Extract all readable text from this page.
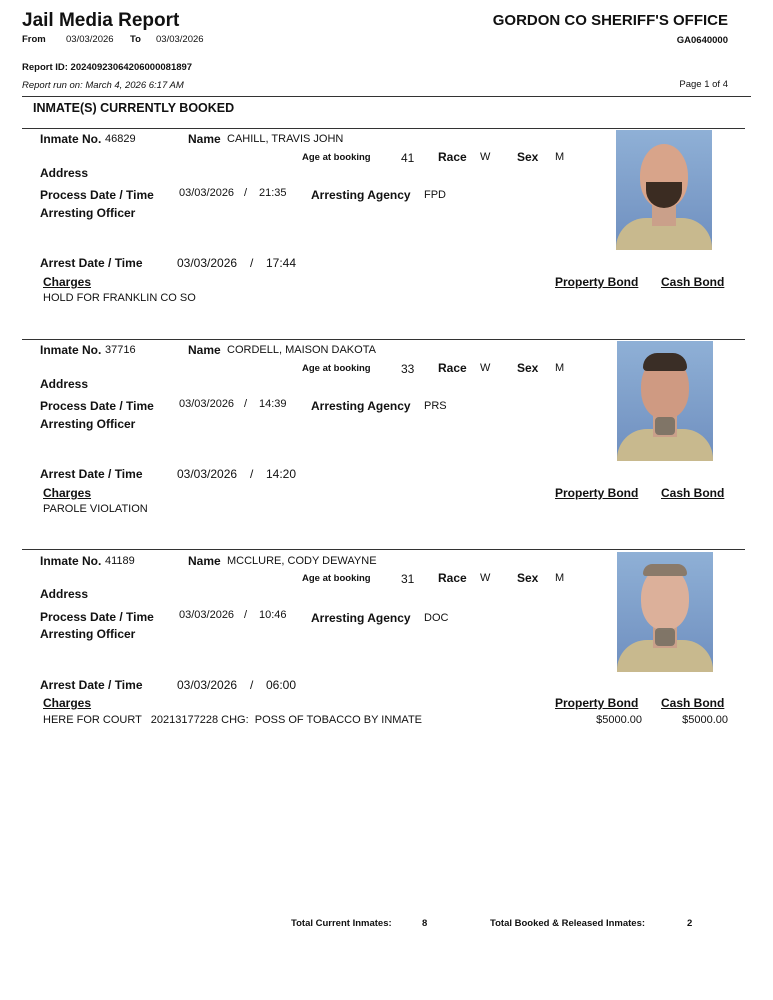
Jail Media Report
From 03/03/2026 To 03/03/2026
GORDON CO SHERIFF'S OFFICE
GA0640000
Report ID: 20240923064206000081897
Report run on: March 4, 2026 6:17 AM	Page 1 of 4
INMATE(S) CURRENTLY BOOKED
Inmate No. 46829	Name CAHILL, TRAVIS JOHN
Age at booking	41 Race W Sex M
Address
Process Date / Time 03/03/2026 / 21:35 Arresting Agency FPD
Arresting Officer
Arrest Date / Time	03/03/2026 / 17:44
Charges	Property Bond Cash Bond
HOLD FOR FRANKLIN CO SO
Inmate No. 37716	Name CORDELL, MAISON DAKOTA
Age at booking	33 Race W Sex M
Address
Process Date / Time 03/03/2026 / 14:39 Arresting Agency PRS
Arresting Officer
Arrest Date / Time	03/03/2026 / 14:20
Charges	Property Bond Cash Bond
PAROLE VIOLATION
Inmate No. 41189	Name MCCLURE, CODY DEWAYNE
Age at booking	31 Race W Sex M
Address
Process Date / Time 03/03/2026 / 10:46 Arresting Agency DOC
Arresting Officer
Arrest Date / Time	03/03/2026 / 06:00
Charges	Property Bond Cash Bond
HERE FOR COURT   20213177228 CHG:  POSS OF TOBACCO BY INMATE	$5000.00	$5000.00
Total Current Inmates:	8	Total Booked & Released Inmates:	2
